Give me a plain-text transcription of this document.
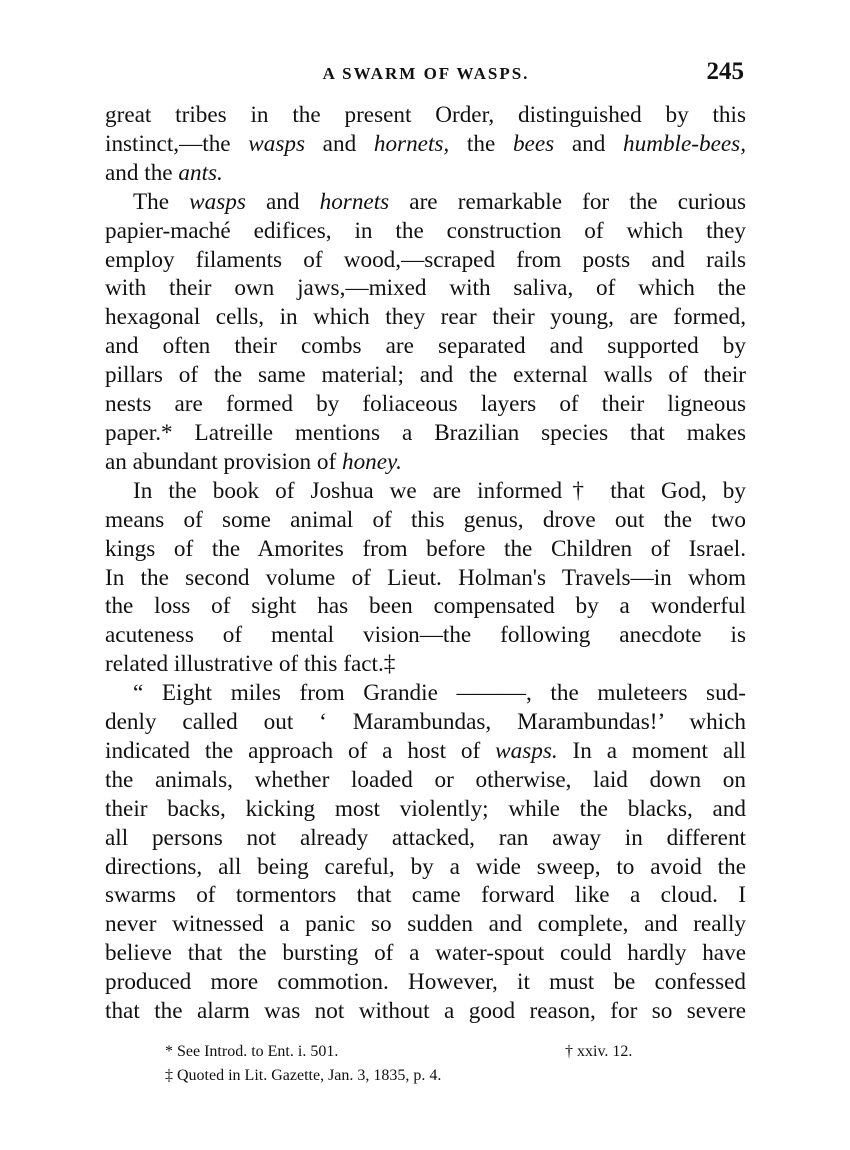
A SWARM OF WASPS.	245
great tribes in the present Order, distinguished by this
instinct,—the wasps and hornets, the bees and humble-bees,
and the ants.
The wasps and hornets are remarkable for the curious
papier-maché edifices, in the construction of which they
employ filaments of wood,—scraped from posts and rails
with their own jaws,—mixed with saliva, of which the
hexagonal cells, in which they rear their young, are formed,
and often their combs are separated and supported by
pillars of the same material; and the external walls of their
nests are formed by foliaceous layers of their ligneous
paper.* Latreille mentions a Brazilian species that makes
an abundant provision of honey.
In the book of Joshua we are informed† that God, by
means of some animal of this genus, drove out the two
kings of the Amorites from before the Children of Israel.
In the second volume of Lieut. Holman's Travels—in whom
the loss of sight has been compensated by a wonderful
acuteness of mental vision—the following anecdote is
related illustrative of this fact.‡
“ Eight miles from Grandie ———, the muleteers sud-
denly called out ‘ Marambundas, Marambundas!’ which
indicated the approach of a host of wasps. In a moment all
the animals, whether loaded or otherwise, laid down on
their backs, kicking most violently; while the blacks, and
all persons not already attacked, ran away in different
directions, all being careful, by a wide sweep, to avoid the
swarms of tormentors that came forward like a cloud. I
never witnessed a panic so sudden and complete, and really
believe that the bursting of a water-spout could hardly have
produced more commotion. However, it must be confessed
that the alarm was not without a good reason, for so severe
* See Introd. to Ent. i. 501.	† xxiv. 12.
‡ Quoted in Lit. Gazette, Jan. 3, 1835, p. 4.
